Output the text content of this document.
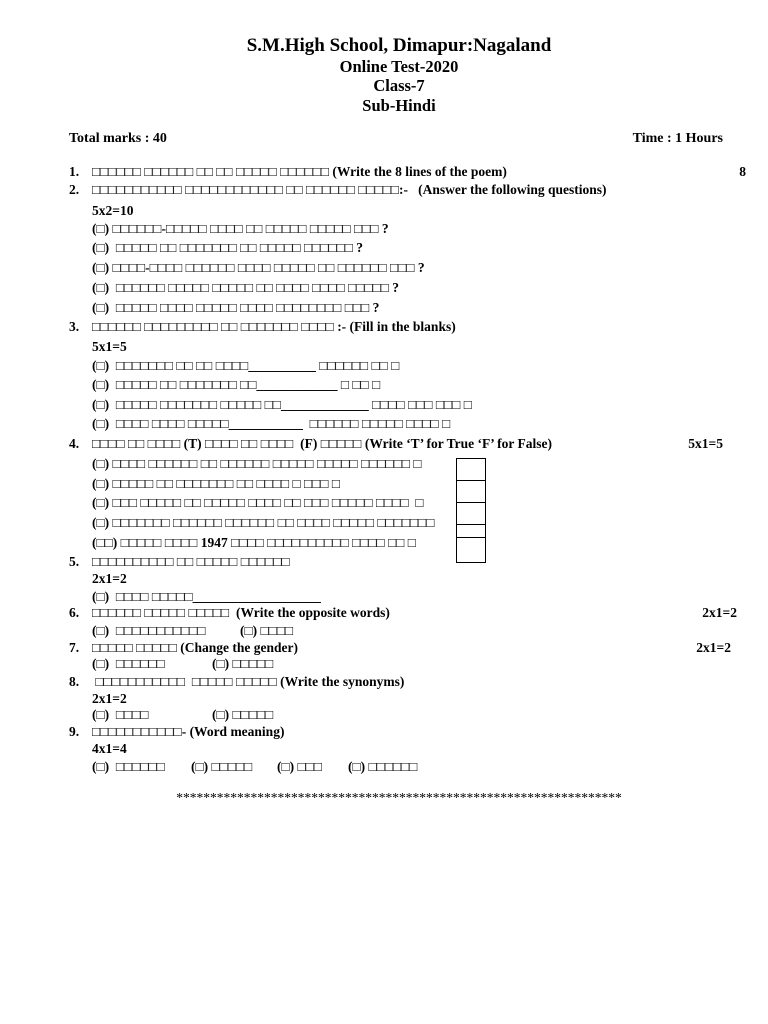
S.M.High School, Dimapur:Nagaland
Online Test-2020
Class-7
Sub-Hindi
Total marks : 40	Time : 1 Hours
1. □□□□□□ □□□□□□ □□ □□ □□□□□ □□□□□□ (Write the 8 lines of the poem)	8
2. □□□□□□□□□□□ □□□□□□□□□□□□ □□ □□□□□□ □□□□□:-   (Answer the following questions)
5x2=10
(□) □□□□□□-□□□□□ □□□□ □□ □□□□□ □□□□□ □□□ ?
(□)  □□□□□ □□ □□□□□□□ □□ □□□□□ □□□□□□ ?
(□) □□□□-□□□□ □□□□□□ □□□□ □□□□□ □□ □□□□□□ □□□ ?
(□)  □□□□□□ □□□□□ □□□□□ □□ □□□□ □□□□ □□□□□ ?
(□)  □□□□□ □□□□ □□□□□ □□□□ □□□□□□□□ □□□ ?
3. □□□□□□ □□□□□□□□□ □□ □□□□□□□ □□□□ :- (Fill in the blanks)
5x1=5
(□)  □□□□□□□ □□ □□ □□□□__________ □□□□□□ □□ □
(□)  □□□□□ □□ □□□□□□□ □□____________ □ □□ □
(□)  □□□□□ □□□□□□□ □□□□□ □□_____________ □□□□ □□□ □□□ □
(□)  □□□□ □□□□ □□□□□___________  □□□□□□ □□□□□ □□□□ □
4. □□□□ □□ □□□□ (T) □□□□ □□ □□□□  (F) □□□□□ (Write ‘T’ for True ‘F’ for False)	5x1=5
(□) □□□□ □□□□□□ □□ □□□□□□ □□□□□ □□□□□ □□□□□□ □
(□) □□□□□ □□ □□□□□□□ □□ □□□□ □ □□□ □
(□) □□□ □□□□□ □□ □□□□□ □□□□ □□ □□□ □□□□□ □□□□  □
(□) □□□□□□□ □□□□□□ □□□□□□ □□ □□□□ □□□□□ □□□□□□□
(□□) □□□□□ □□□□ 1947 □□□□ □□□□□□□□□□ □□□□ □□ □
5. □□□□□□□□□□ □□ □□□□□ □□□□□□
2x1=2
(□)  □□□□ □□□□□___________________
6. □□□□□□ □□□□□ □□□□□  (Write the opposite words)	2x1=2
(□)  □□□□□□□□□□□	(□) □□□□
7. □□□□□ □□□□□ (Change the gender)	2x1=2
(□)  □□□□□□	(□) □□□□□
8. □□□□□□□□□□□  □□□□□ □□□□□ (Write the synonyms)
2x1=2
(□)  □□□□	(□) □□□□□
9. □□□□□□□□□□□- (Word meaning)
4x1=4
(□)  □□□□□□ (□) □□□□□ (□) □□□ (□) □□□□□□
******************************************************************
